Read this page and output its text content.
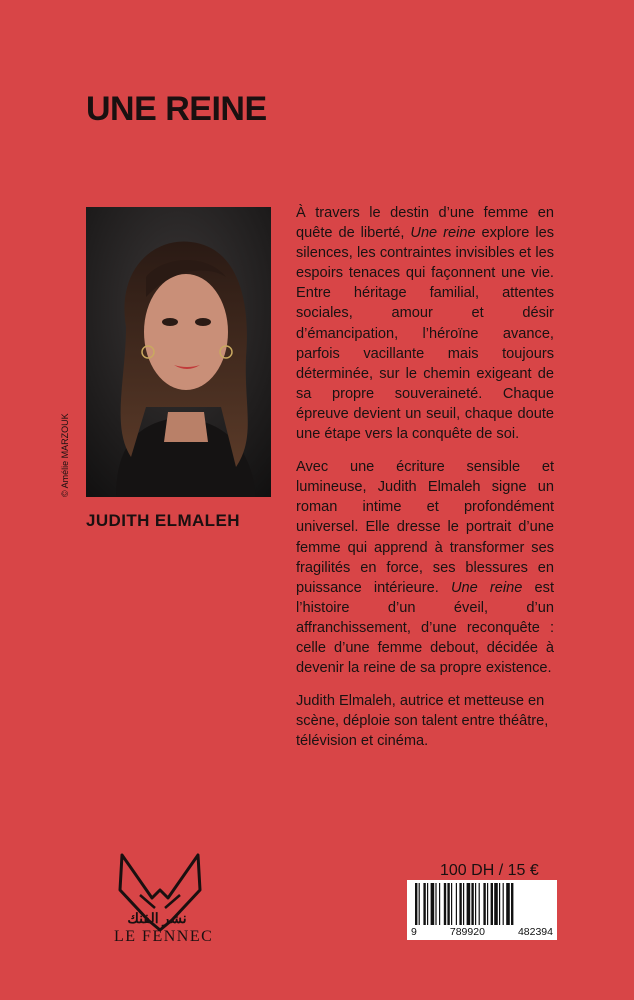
UNE REINE
© Amélie MARZOUK
JUDITH ELMALEH

À travers le destin d’une femme en quête de liberté, Une reine explore les silences, les contraintes invisibles et les espoirs tenaces qui façonnent une vie. Entre héritage familial, attentes sociales, amour et désir d’émancipation, l’héroïne avance, parfois vacillante mais toujours déterminée, sur le chemin exigeant de sa propre souveraineté. Chaque épreuve devient un seuil, chaque doute une étape vers la conquête de soi.

Avec une écriture sensible et lumineuse, Judith Elmaleh signe un roman intime et profondément universel. Elle dresse le portrait d’une femme qui apprend à transformer ses fragilités en force, ses blessures en puissance intérieure. Une reine est l’histoire d’un éveil, d’un affranchissement, d’une reconquête : celle d’une femme debout, décidée à devenir la reine de sa propre existence.

Judith Elmaleh, autrice et metteuse en scène, déploie son talent entre théâtre, télévision et cinéma.

نشر الفنك
LE FENNEC
100 DH / 15 €
9	789920	482394
